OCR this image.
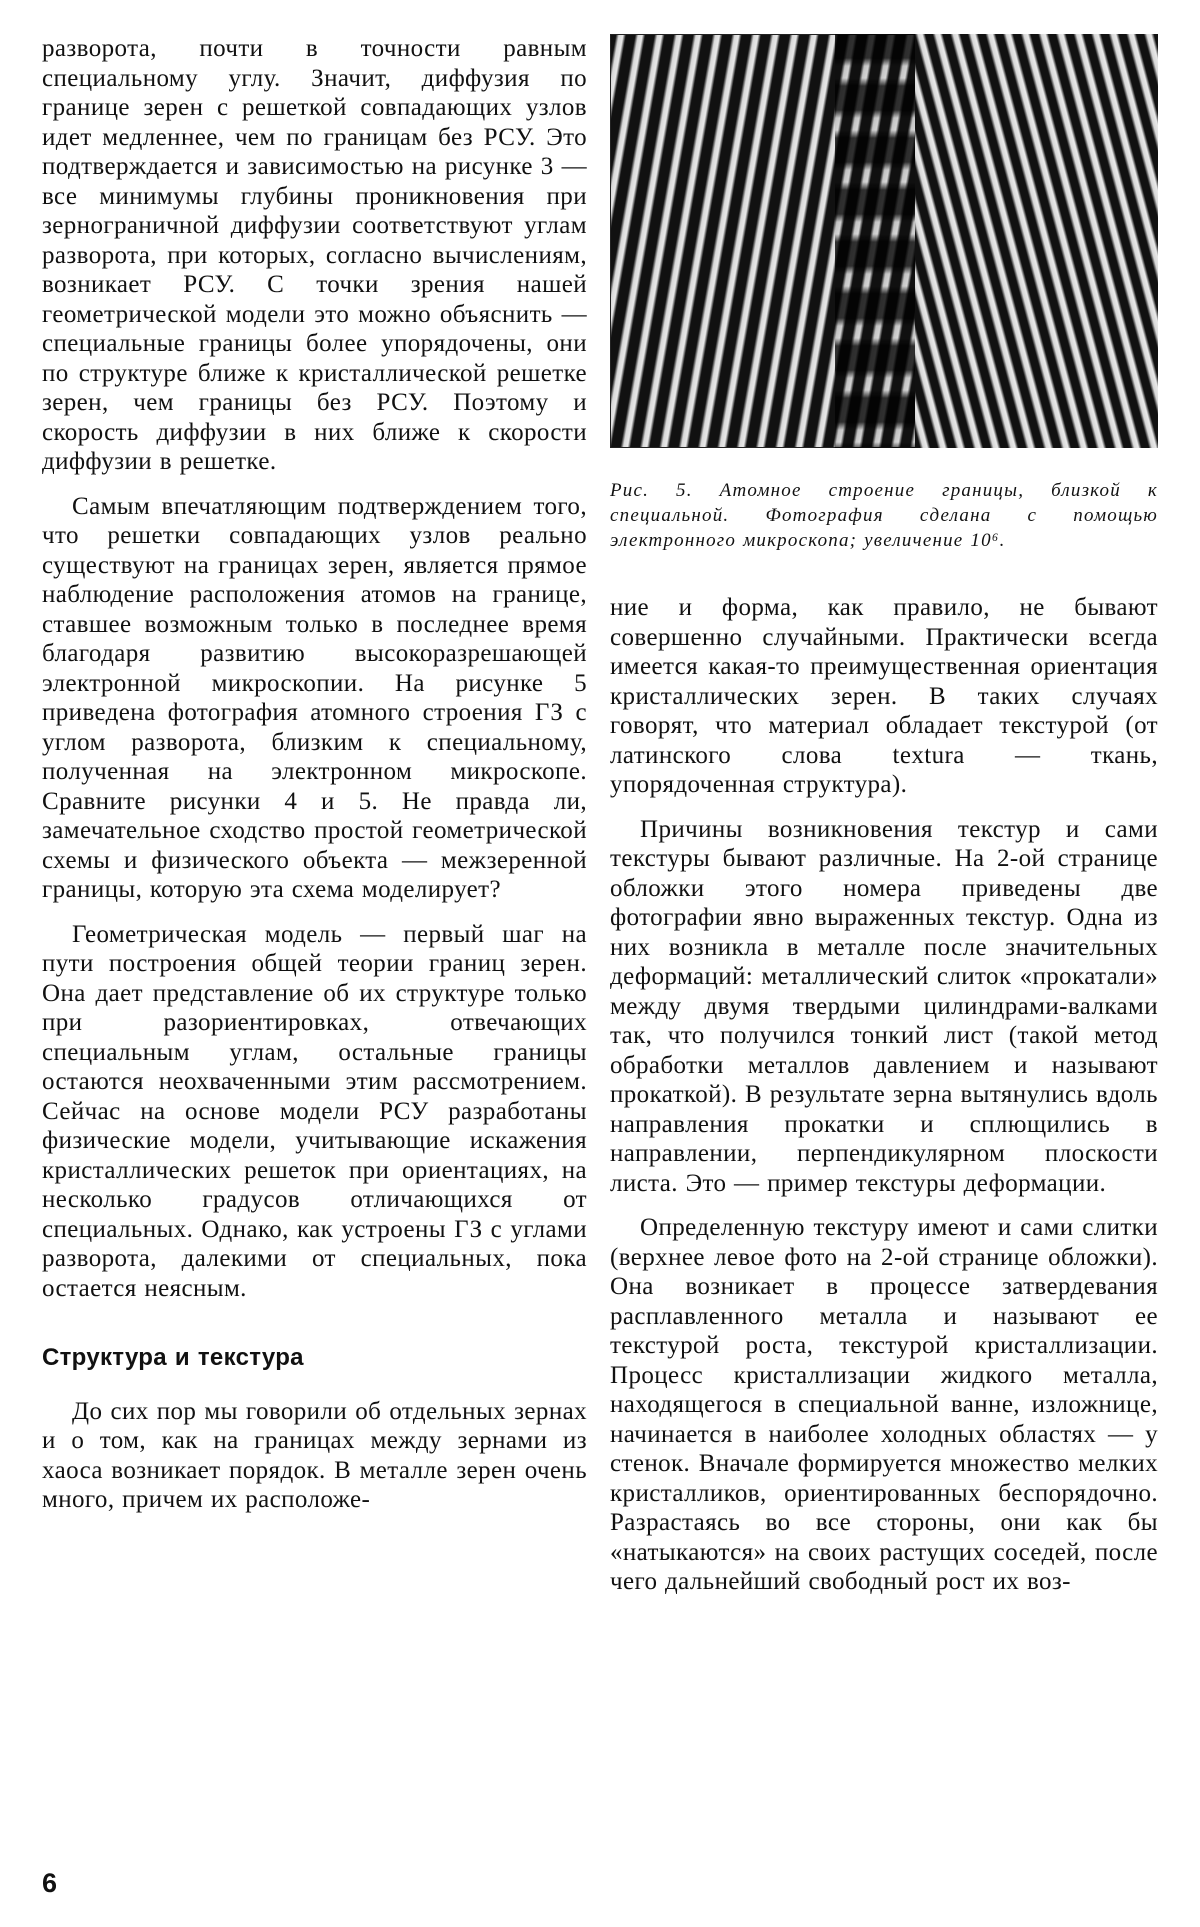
разворота, почти в точности равным специальному углу. Значит, диффузия по границе зерен с решеткой совпадающих узлов идет медленнее, чем по границам без РСУ. Это подтверждается и зависимостью на рисунке 3 — все минимумы глубины проникновения при зернограничной диффузии соответствуют углам разворота, при которых, согласно вычислениям, возникает РСУ. С точки зрения нашей геометрической модели это можно объяснить — специальные границы более упорядочены, они по структуре ближе к кристаллической решетке зерен, чем границы без РСУ. Поэтому и скорость диффузии в них ближе к скорости диффузии в решетке.

Самым впечатляющим подтверждением того, что решетки совпадающих узлов реально существуют на границах зерен, является прямое наблюдение расположения атомов на границе, ставшее возможным только в последнее время благодаря развитию высокоразрешающей электронной микроскопии. На рисунке 5 приведена фотография атомного строения ГЗ с углом разворота, близким к специальному, полученная на электронном микроскопе. Сравните рисунки 4 и 5. Не правда ли, замечательное сходство простой геометрической схемы и физического объекта — межзеренной границы, которую эта схема моделирует?

Геометрическая модель — первый шаг на пути построения общей теории границ зерен. Она дает представление об их структуре только при разориентировках, отвечающих специальным углам, остальные границы остаются неохваченными этим рассмотрением. Сейчас на основе модели РСУ разработаны физические модели, учитывающие искажения кристаллических решеток при ориентациях, на несколько градусов отличающихся от специальных. Однако, как устроены ГЗ с углами разворота, далекими от специальных, пока остается неясным.

Структура и текстура

До сих пор мы говорили об отдельных зернах и о том, как на границах между зернами из хаоса возникает порядок. В металле зерен очень много, причем их расположе-

Рис. 5. Атомное строение границы, близкой к специальной. Фотография сделана с помощью электронного микроскопа; увеличение 10⁶.

ние и форма, как правило, не бывают совершенно случайными. Практически всегда имеется какая-то преимущественная ориентация кристаллических зерен. В таких случаях говорят, что материал обладает текстурой (от латинского слова textura — ткань, упорядоченная структура).

Причины возникновения текстур и сами текстуры бывают различные. На 2-ой странице обложки этого номера приведены две фотографии явно выраженных текстур. Одна из них возникла в металле после значительных деформаций: металлический слиток «прокатали» между двумя твердыми цилиндрами-валками так, что получился тонкий лист (такой метод обработки металлов давлением и называют прокаткой). В результате зерна вытянулись вдоль направления прокатки и сплющились в направлении, перпендикулярном плоскости листа. Это — пример текстуры деформации.

Определенную текстуру имеют и сами слитки (верхнее левое фото на 2-ой странице обложки). Она возникает в процессе затвердевания расплавленного металла и называют ее текстурой роста, текстурой кристаллизации. Процесс кристаллизации жидкого металла, находящегося в специальной ванне, изложнице, начинается в наиболее холодных областях — у стенок. Вначале формируется множество мелких кристалликов, ориентированных беспорядочно. Разрастаясь во все стороны, они как бы «натыкаются» на своих растущих соседей, после чего дальнейший свободный рост их воз-

6
